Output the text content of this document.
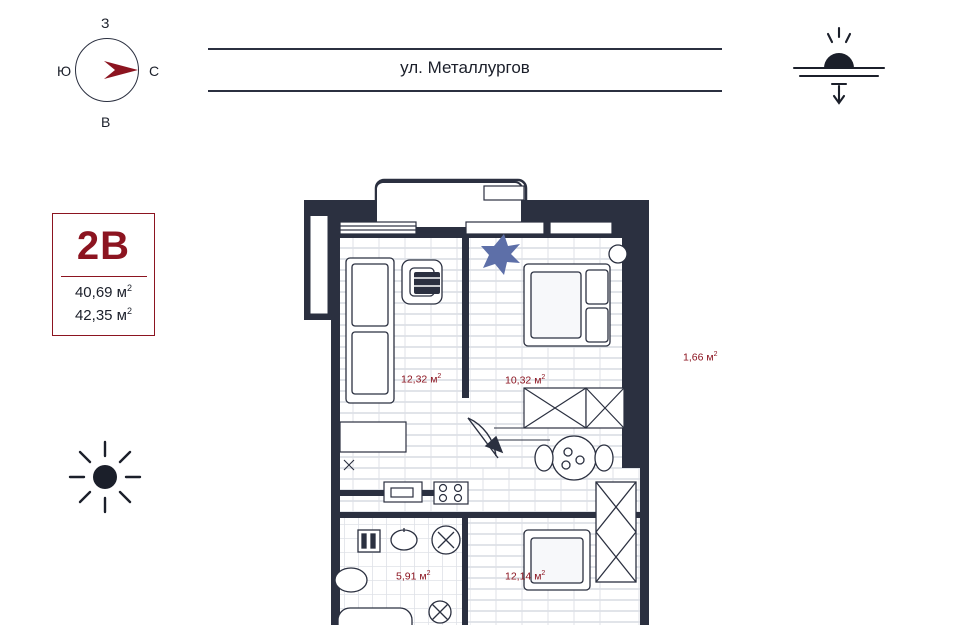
З
Ю	С
В
ул. Металлургов
2В
40,69 $м^2$
42,35 $м^2$
1,66 $м^2$
12,32 $м^2$	10,32 $м^2$
5,91 $м^2$	12,14 $м^2$
